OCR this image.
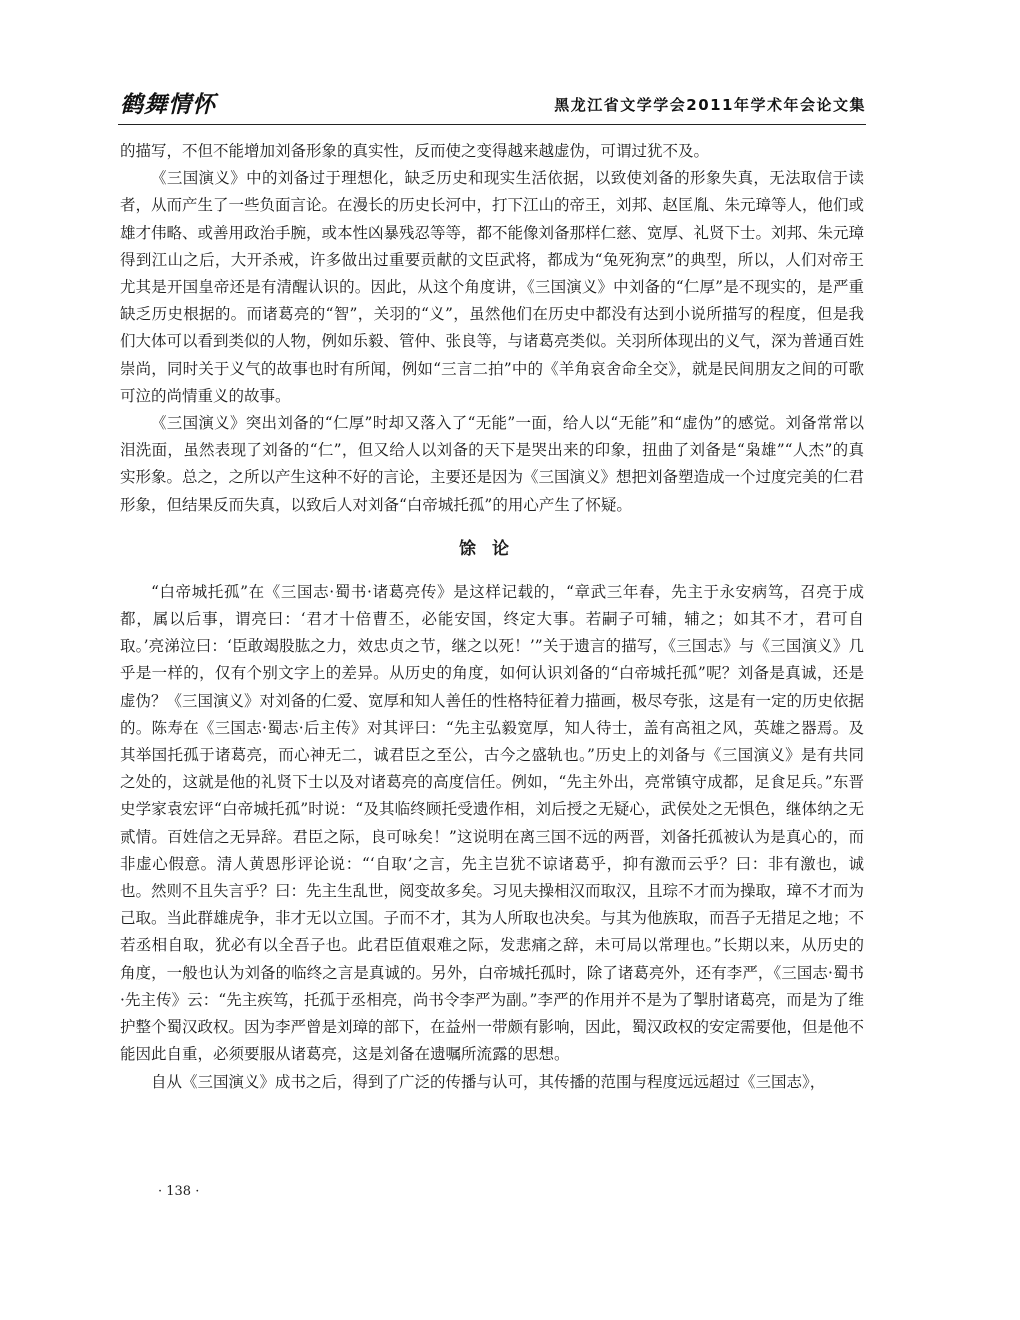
鹤舞情怀	黑龙江省文学学会2011年学术年会论文集

的描写，不但不能增加刘备形象的真实性，反而使之变得越来越虚伪，可谓过犹不及。

《三国演义》中的刘备过于理想化，缺乏历史和现实生活依据，以致使刘备的形象失真，无法取信于读者，从而产生了一些负面言论。在漫长的历史长河中，打下江山的帝王，刘邦、赵匡胤、朱元璋等人，他们或雄才伟略、或善用政治手腕，或本性凶暴残忍等等，都不能像刘备那样仁慈、宽厚、礼贤下士。刘邦、朱元璋得到江山之后，大开杀戒，许多做出过重要贡献的文臣武将，都成为“兔死狗烹”的典型，所以，人们对帝王尤其是开国皇帝还是有清醒认识的。因此，从这个角度讲，《三国演义》中刘备的“仁厚”是不现实的，是严重缺乏历史根据的。而诸葛亮的“智”，关羽的“义”，虽然他们在历史中都没有达到小说所描写的程度，但是我们大体可以看到类似的人物，例如乐毅、管仲、张良等，与诸葛亮类似。关羽所体现出的义气，深为普通百姓崇尚，同时关于义气的故事也时有所闻，例如“三言二拍”中的《羊角哀舍命全交》，就是民间朋友之间的可歌可泣的尚情重义的故事。

《三国演义》突出刘备的“仁厚”时却又落入了“无能”一面，给人以“无能”和“虚伪”的感觉。刘备常常以泪洗面，虽然表现了刘备的“仁”，但又给人以刘备的天下是哭出来的印象，扭曲了刘备是“枭雄”“人杰”的真实形象。总之，之所以产生这种不好的言论，主要还是因为《三国演义》想把刘备塑造成一个过度完美的仁君形象，但结果反而失真，以致后人对刘备“白帝城托孤”的用心产生了怀疑。

馀论

“白帝城托孤”在《三国志·蜀书·诸葛亮传》是这样记载的，“章武三年春，先主于永安病笃，召亮于成都，属以后事，谓亮曰：‘君才十倍曹丕，必能安国，终定大事。若嗣子可辅，辅之；如其不才，君可自取。’亮涕泣曰：‘臣敢竭股肱之力，效忠贞之节，继之以死！’”关于遗言的描写，《三国志》与《三国演义》几乎是一样的，仅有个别文字上的差异。从历史的角度，如何认识刘备的“白帝城托孤”呢？刘备是真诚，还是虚伪？《三国演义》对刘备的仁爱、宽厚和知人善任的性格特征着力描画，极尽夸张，这是有一定的历史依据的。陈寿在《三国志·蜀志·后主传》对其评曰：“先主弘毅宽厚，知人待士，盖有高祖之风，英雄之器焉。及其举国托孤于诸葛亮，而心神无二，诚君臣之至公，古今之盛轨也。”历史上的刘备与《三国演义》是有共同之处的，这就是他的礼贤下士以及对诸葛亮的高度信任。例如，“先主外出，亮常镇守成都，足食足兵。”东晋史学家袁宏评“白帝城托孤”时说：“及其临终顾托受遗作相，刘后授之无疑心，武侯处之无惧色，继体纳之无贰情。百姓信之无异辞。君臣之际，良可咏矣！”这说明在离三国不远的两晋，刘备托孤被认为是真心的，而非虚心假意。清人黄恩彤评论说：“‘自取’之言，先主岂犹不谅诸葛乎，抑有激而云乎？曰：非有激也，诚也。然则不且失言乎？曰：先主生乱世，阅变故多矣。习见夫操相汉而取汉，且琮不才而为操取，璋不才而为己取。当此群雄虎争，非才无以立国。子而不才，其为人所取也决矣。与其为他族取，而吾子无措足之地；不若丞相自取，犹必有以全吾子也。此君臣值艰难之际，发悲痛之辞，未可局以常理也。”长期以来，从历史的角度，一般也认为刘备的临终之言是真诚的。另外，白帝城托孤时，除了诸葛亮外，还有李严，《三国志·蜀书·先主传》云：“先主疾笃，托孤于丞相亮，尚书令李严为副。”李严的作用并不是为了掣肘诸葛亮，而是为了维护整个蜀汉政权。因为李严曾是刘璋的部下，在益州一带颇有影响，因此，蜀汉政权的安定需要他，但是他不能因此自重，必须要服从诸葛亮，这是刘备在遗嘱所流露的思想。

自从《三国演义》成书之后，得到了广泛的传播与认可，其传播的范围与程度远远超过《三国志》，

· 138 ·
